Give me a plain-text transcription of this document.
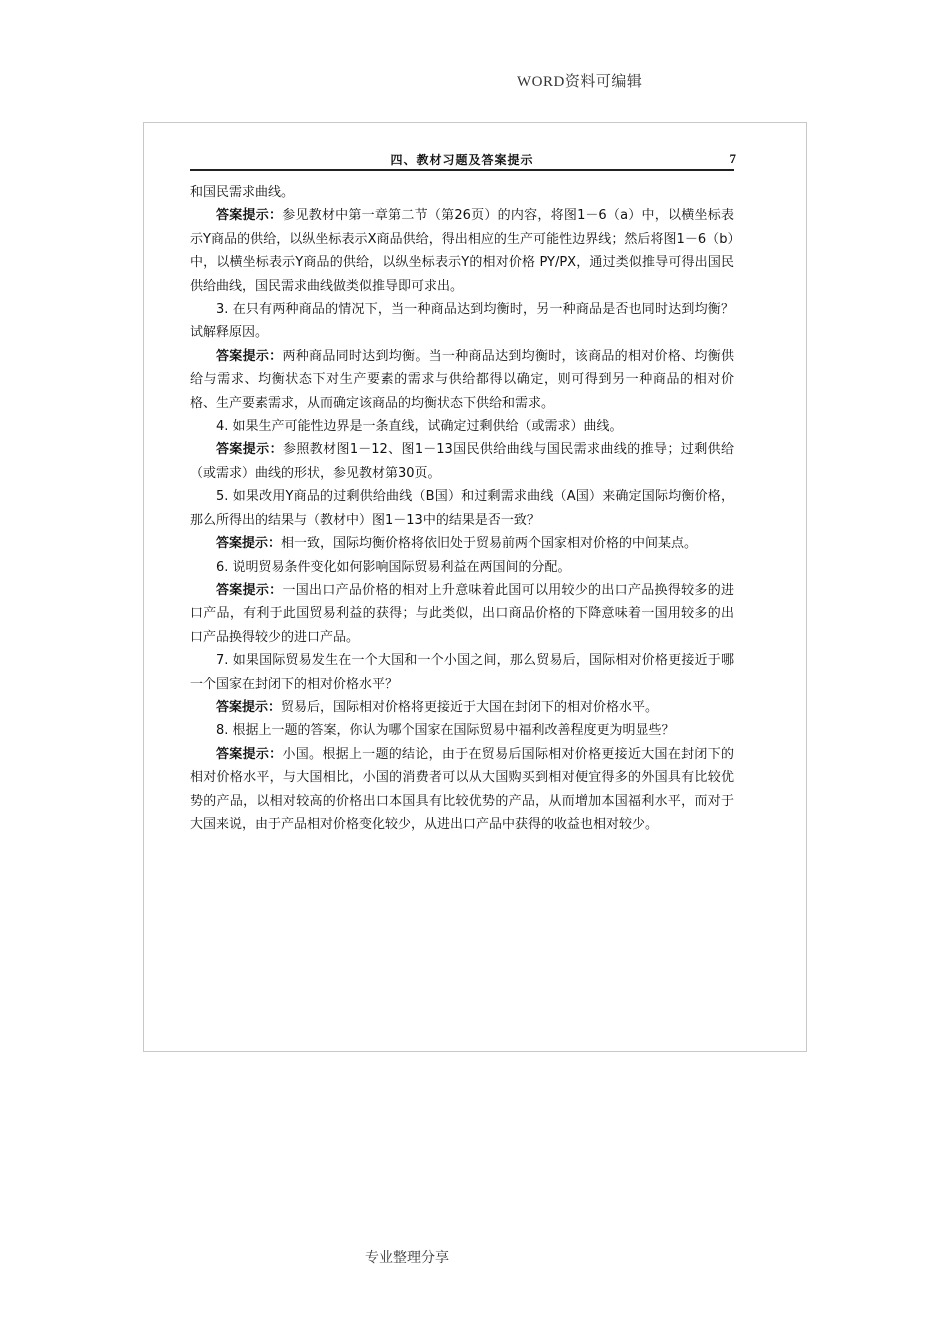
WORD资料可编辑
四、教材习题及答案提示	7

和国民需求曲线。

答案提示：参见教材中第一章第二节（第26页）的内容，将图1－6（a）中，以横坐标表示Y商品的供给，以纵坐标表示X商品供给，得出相应的生产可能性边界线；然后将图1－6（b）中，以横坐标表示Y商品的供给，以纵坐标表示Y的相对价格 PY/PX，通过类似推导可得出国民供给曲线，国民需求曲线做类似推导即可求出。

3. 在只有两种商品的情况下，当一种商品达到均衡时，另一种商品是否也同时达到均衡？试解释原因。

答案提示：两种商品同时达到均衡。当一种商品达到均衡时，该商品的相对价格、均衡供给与需求、均衡状态下对生产要素的需求与供给都得以确定，则可得到另一种商品的相对价格、生产要素需求，从而确定该商品的均衡状态下供给和需求。

4. 如果生产可能性边界是一条直线，试确定过剩供给（或需求）曲线。

答案提示：参照教材图1－12、图1－13国民供给曲线与国民需求曲线的推导；过剩供给（或需求）曲线的形状，参见教材第30页。

5. 如果改用Y商品的过剩供给曲线（B国）和过剩需求曲线（A国）来确定国际均衡价格，那么所得出的结果与（教材中）图1－13中的结果是否一致？

答案提示：相一致，国际均衡价格将依旧处于贸易前两个国家相对价格的中间某点。

6. 说明贸易条件变化如何影响国际贸易利益在两国间的分配。

答案提示：一国出口产品价格的相对上升意味着此国可以用较少的出口产品换得较多的进口产品，有利于此国贸易利益的获得；与此类似，出口商品价格的下降意味着一国用较多的出口产品换得较少的进口产品。

7. 如果国际贸易发生在一个大国和一个小国之间，那么贸易后，国际相对价格更接近于哪一个国家在封闭下的相对价格水平？

答案提示：贸易后，国际相对价格将更接近于大国在封闭下的相对价格水平。

8. 根据上一题的答案，你认为哪个国家在国际贸易中福利改善程度更为明显些？

答案提示：小国。根据上一题的结论，由于在贸易后国际相对价格更接近大国在封闭下的相对价格水平，与大国相比，小国的消费者可以从大国购买到相对便宜得多的外国具有比较优势的产品，以相对较高的价格出口本国具有比较优势的产品，从而增加本国福利水平，而对于大国来说，由于产品相对价格变化较少，从进出口产品中获得的收益也相对较少。

专业整理分享
